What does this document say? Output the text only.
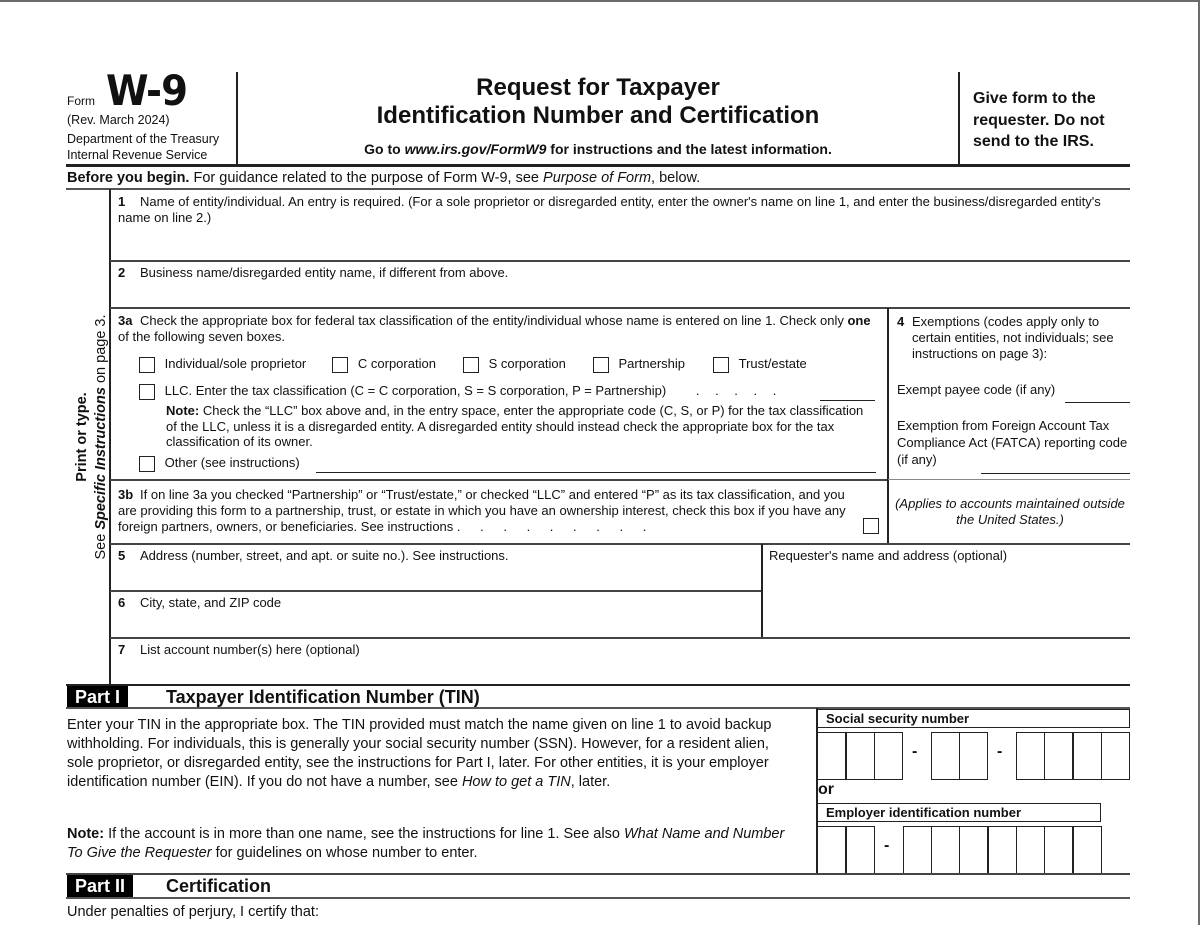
Form W-9
(Rev. March 2024)
Department of the Treasury
Internal Revenue Service
Request for Taxpayer
Identification Number and Certification
Go to www.irs.gov/FormW9 for instructions and the latest information.
Give form to the requester. Do not send to the IRS.
Before you begin. For guidance related to the purpose of Form W-9, see Purpose of Form, below.
Print or type.
See Specific Instructions on page 3.
1 Name of entity/individual. An entry is required. (For a sole proprietor or disregarded entity, enter the owner's name on line 1, and enter the business/disregarded entity's name on line 2.)
2 Business name/disregarded entity name, if different from above.
3a Check the appropriate box for federal tax classification of the entity/individual whose name is entered on line 1. Check only one of the following seven boxes.
Individual/sole proprietor	C corporation	S corporation	Partnership	Trust/estate
LLC. Enter the tax classification (C = C corporation, S = S corporation, P = Partnership) . . . . .
Note: Check the “LLC” box above and, in the entry space, enter the appropriate code (C, S, or P) for the tax classification of the LLC, unless it is a disregarded entity. A disregarded entity should instead check the appropriate box for the tax classification of its owner.
Other (see instructions)
3b If on line 3a you checked “Partnership” or “Trust/estate,” or checked “LLC” and entered “P” as its tax classification, and you are providing this form to a partnership, trust, or estate in which you have an ownership interest, check this box if you have any foreign partners, owners, or beneficiaries. See instructions . . . . . . . . .
4 Exemptions (codes apply only to certain entities, not individuals; see instructions on page 3):
Exempt payee code (if any)
Exemption from Foreign Account Tax Compliance Act (FATCA) reporting code (if any)
(Applies to accounts maintained outside the United States.)
5 Address (number, street, and apt. or suite no.). See instructions.	Requester's name and address (optional)
6 City, state, and ZIP code
7 List account number(s) here (optional)
Part I	Taxpayer Identification Number (TIN)
Enter your TIN in the appropriate box. The TIN provided must match the name given on line 1 to avoid backup withholding. For individuals, this is generally your social security number (SSN). However, for a resident alien, sole proprietor, or disregarded entity, see the instructions for Part I, later. For other entities, it is your employer identification number (EIN). If you do not have a number, see How to get a TIN, later.
Note: If the account is in more than one name, see the instructions for line 1. See also What Name and Number To Give the Requester for guidelines on whose number to enter.
Social security number
-	-
or
Employer identification number
-
Part II	Certification
Under penalties of perjury, I certify that:
